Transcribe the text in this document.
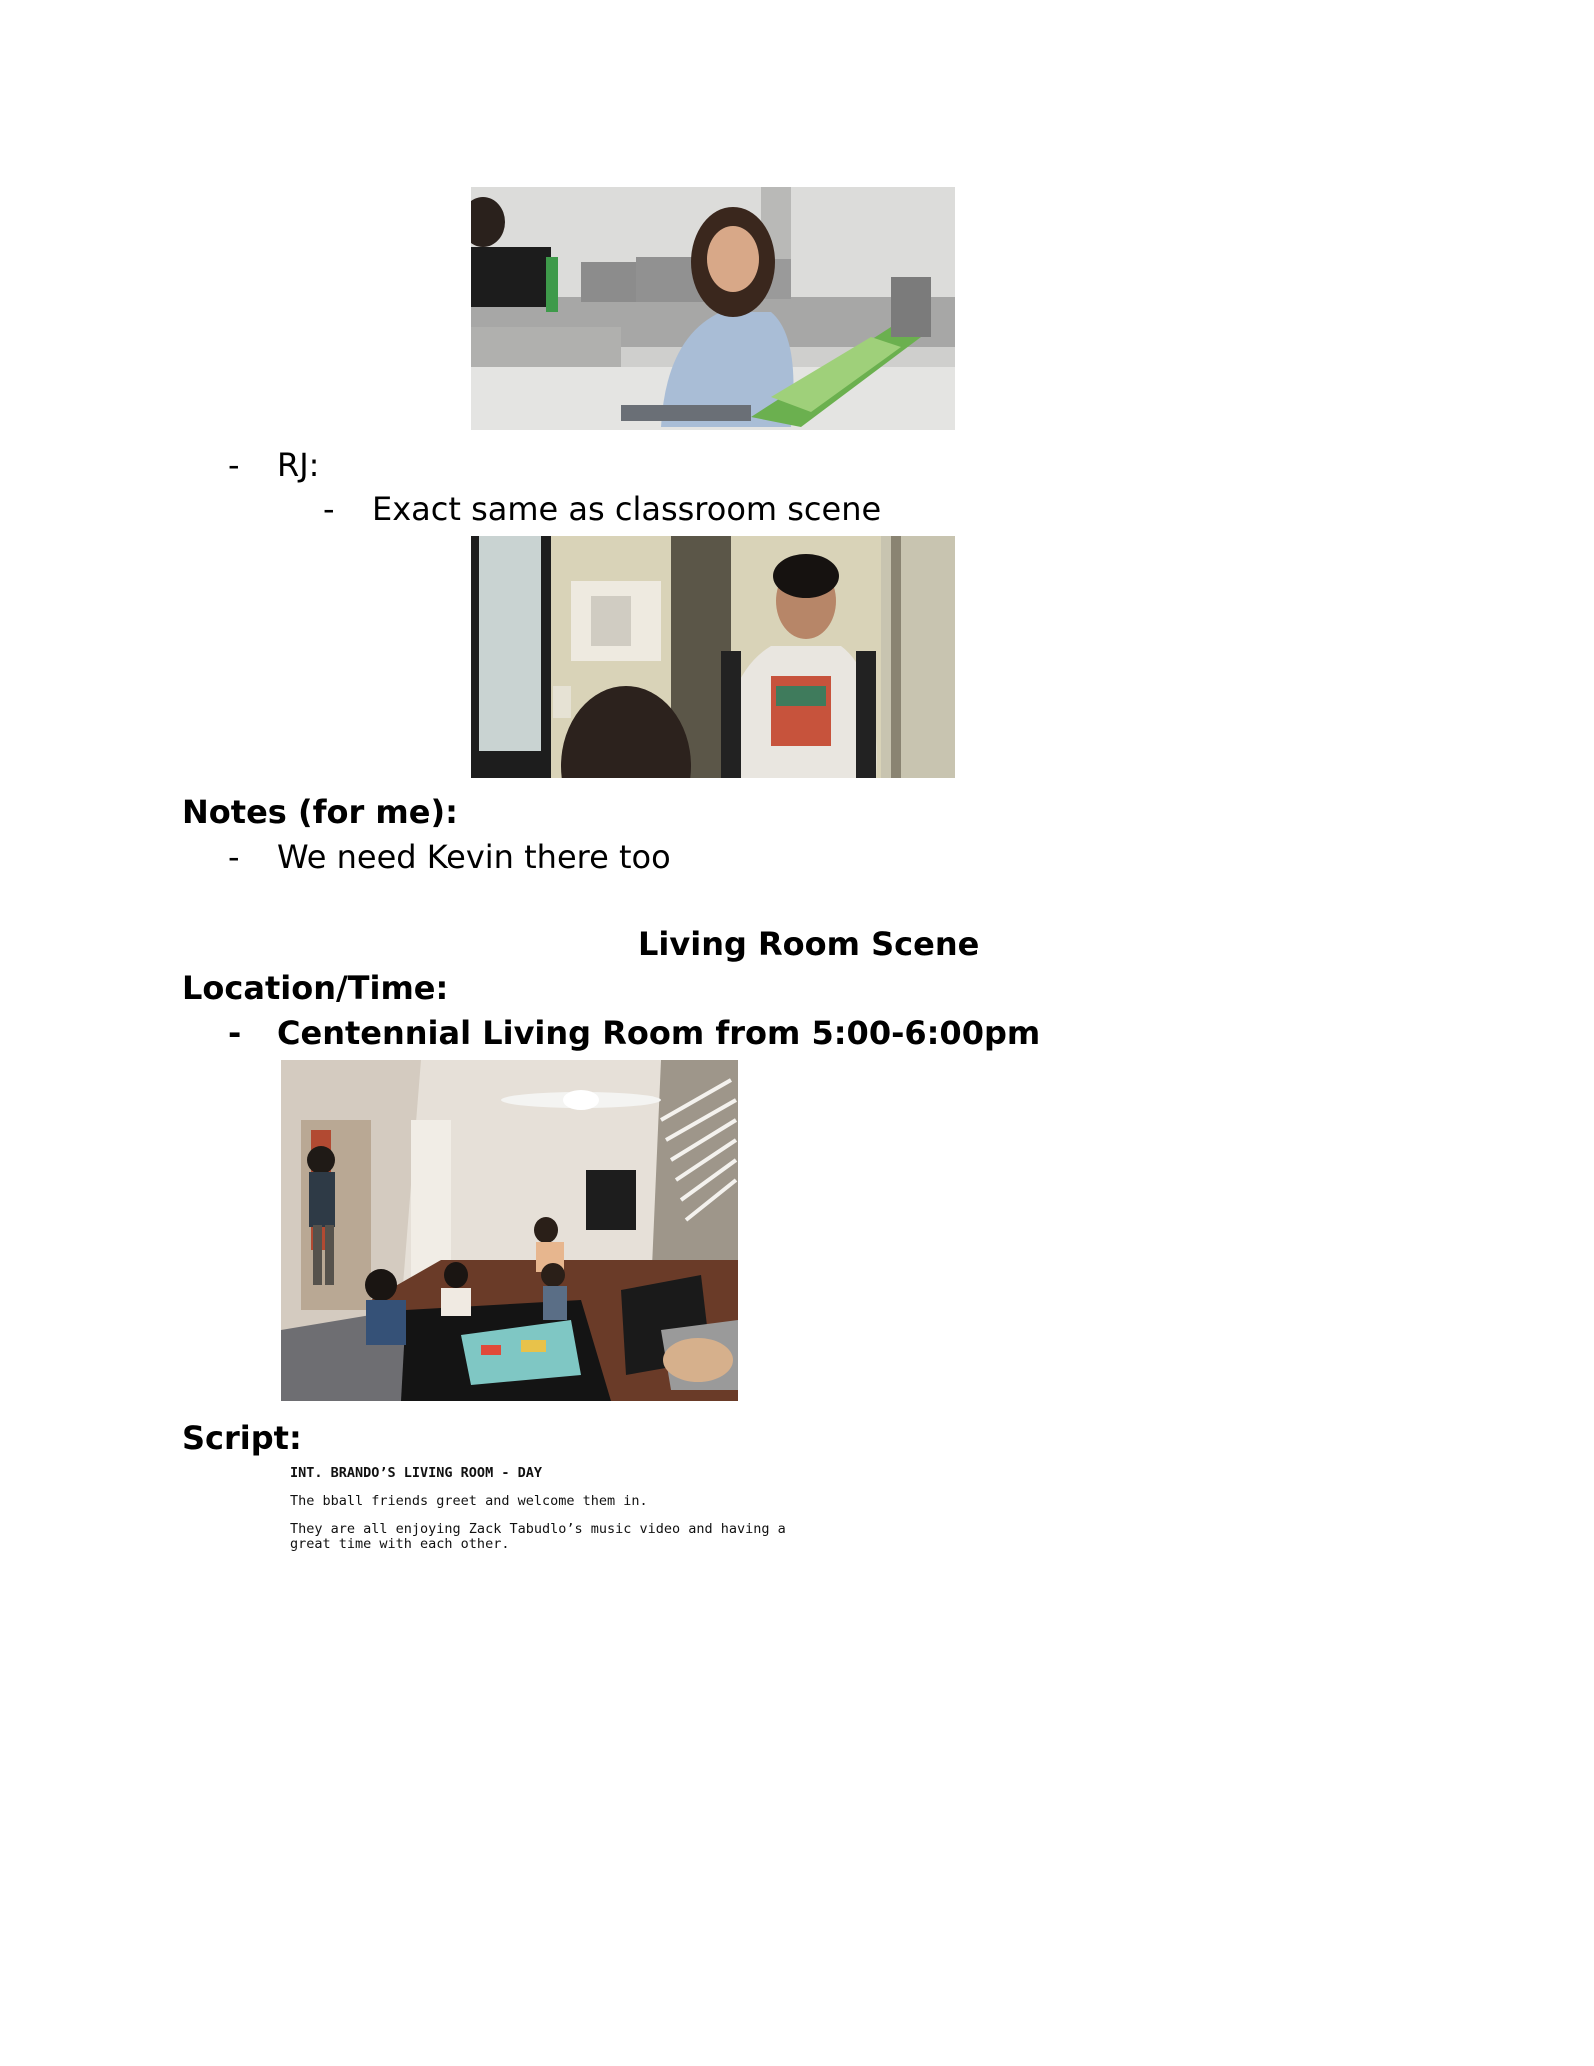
- RJ:
- Exact same as classroom scene
Notes (for me):
- We need Kevin there too
Living Room Scene
Location/Time:
- Centennial Living Room from 5:00-6:00pm
Script:
INT. BRANDO’S LIVING ROOM - DAY
The bball friends greet and welcome them in.
They are all enjoying Zack Tabudlo’s music video and having a
great time with each other.
